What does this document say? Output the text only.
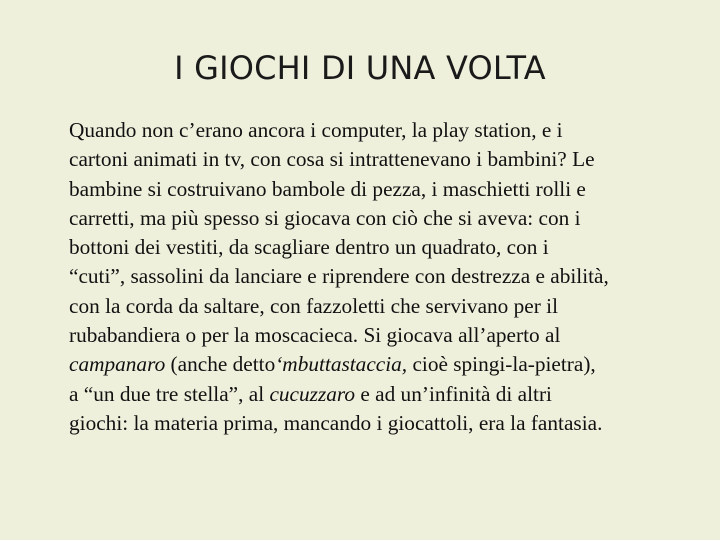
I GIOCHI DI UNA VOLTA
Quando non c’erano ancora i computer, la play station, e i
cartoni animati in tv, con cosa si intrattenevano i bambini? Le
bambine si costruivano bambole di pezza, i maschietti rolli e
carretti, ma più spesso si giocava con ciò che si aveva: con i
bottoni dei vestiti, da scagliare dentro un quadrato, con i
“cuti”, sassolini da lanciare e riprendere con destrezza e abilità,
con la corda da saltare, con fazzoletti che servivano per il
rubabandiera o per la moscacieca. Si giocava all’aperto al
campanaro (anche detto‘mbuttastaccia, cioè spingi-la-pietra),
a “un due tre stella”, al cucuzzaro e ad un’infinità di altri
giochi: la materia prima, mancando i giocattoli, era la fantasia.
